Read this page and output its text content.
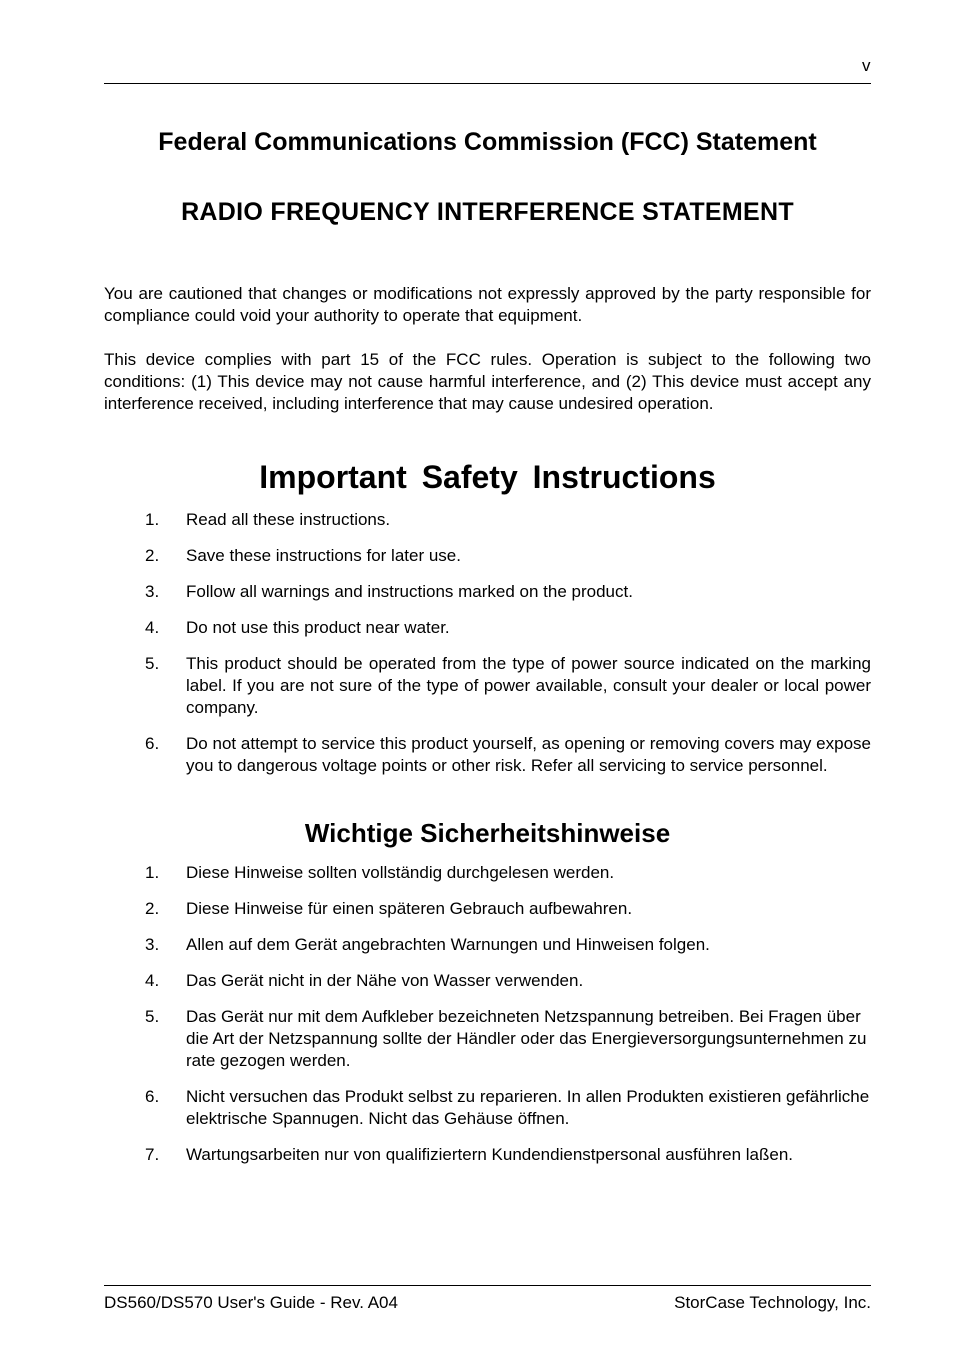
v
Federal Communications Commission (FCC) Statement
RADIO FREQUENCY INTERFERENCE STATEMENT

You are cautioned that changes or modifications not expressly approved by the party responsible for compliance could void your authority to operate that equipment.

This device complies with part 15 of the FCC rules. Operation is subject to the following two conditions: (1) This device may not cause harmful interference, and (2) This device must accept any interference received, including interference that may cause undesired operation.

Important Safety Instructions
1. Read all these instructions.
2. Save these instructions for later use.
3. Follow all warnings and instructions marked on the product.
4. Do not use this product near water.
5. This product should be operated from the type of power source indicated on the marking label. If you are not sure of the type of power available, consult your dealer or local power company.
6. Do not attempt to service this product yourself, as opening or removing covers may expose you to dangerous voltage points or other risk. Refer all servicing to service personnel.
Wichtige Sicherheitshinweise
1. Diese Hinweise sollten vollständig durchgelesen werden.
2. Diese Hinweise für einen späteren Gebrauch aufbewahren.
3. Allen auf dem Gerät angebrachten Warnungen und Hinweisen folgen.
4. Das Gerät nicht in der Nähe von Wasser verwenden.
5. Das Gerät nur mit dem Aufkleber bezeichneten Netzspannung betreiben. Bei Fragen über die Art der Netzspannung sollte der Händler oder das Energieversorgungsunternehmen zu rate gezogen werden.
6. Nicht versuchen das Produkt selbst zu reparieren. In allen Produkten existieren gefährliche elektrische Spannugen. Nicht das Gehäuse öffnen.
7. Wartungsarbeiten nur von qualifiziertern Kundendienstpersonal ausführen laßen.
DS560/DS570 User's Guide - Rev. A04	StorCase Technology, Inc.
